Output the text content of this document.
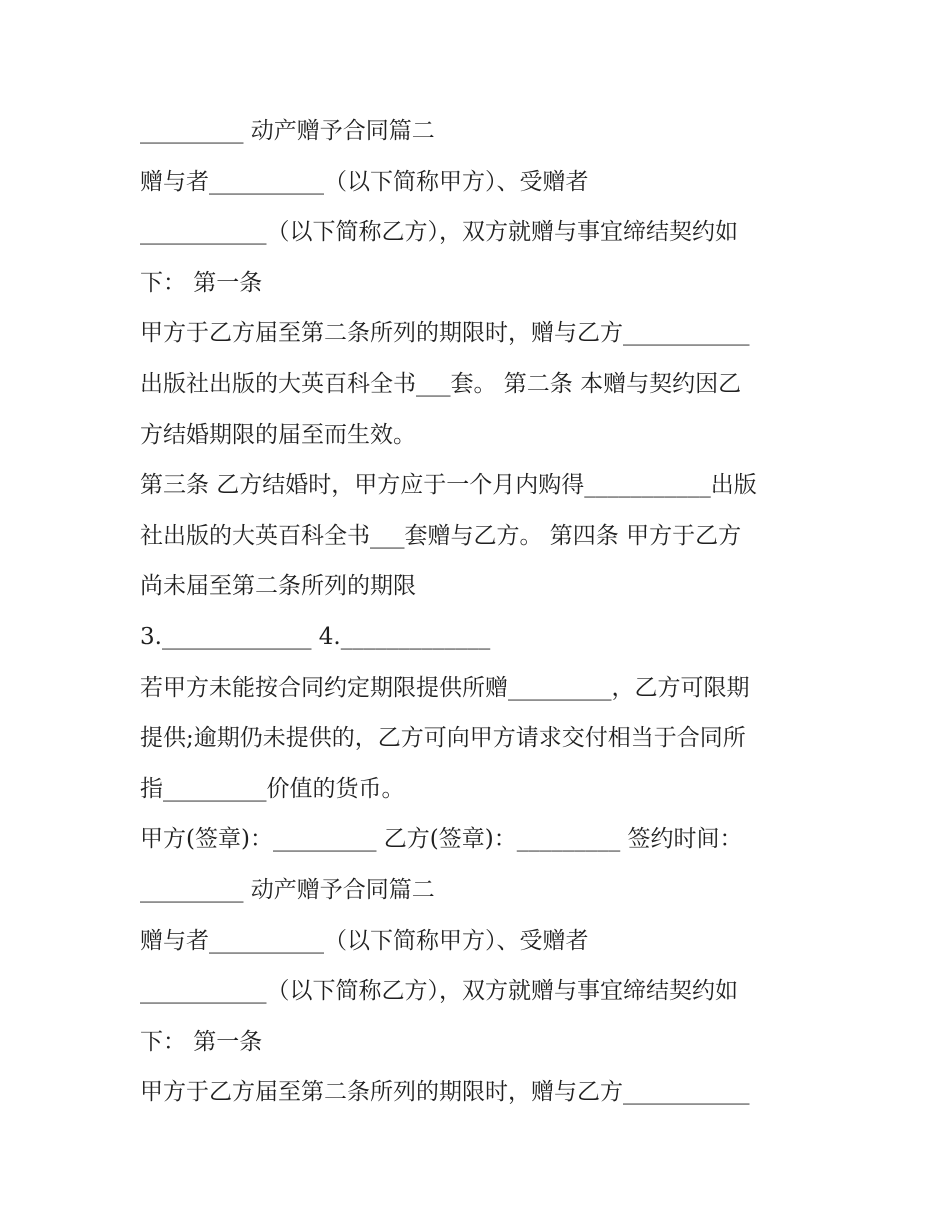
_________ 动产赠予合同篇二
赠与者__________（以下简称甲方）、受赠者
___________（以下简称乙方），双方就赠与事宜缔结契约如
下： 第一条
甲方于乙方届至第二条所列的期限时，赠与乙方___________
出版社出版的大英百科全书___套。 第二条 本赠与契约因乙
方结婚期限的届至而生效。
第三条 乙方结婚时，甲方应于一个月内购得___________出版
社出版的大英百科全书___套赠与乙方。 第四条 甲方于乙方
尚未届至第二条所列的期限
3._____________ 4._____________
若甲方未能按合同约定期限提供所赠_________，乙方可限期
提供;逾期仍未提供的，乙方可向甲方请求交付相当于合同所
指_________价值的货币。
甲方(签章)：_________ 乙方(签章)：_________ 签约时间：
_________ 动产赠予合同篇二
赠与者__________（以下简称甲方）、受赠者
___________（以下简称乙方），双方就赠与事宜缔结契约如
下： 第一条
甲方于乙方届至第二条所列的期限时，赠与乙方___________
